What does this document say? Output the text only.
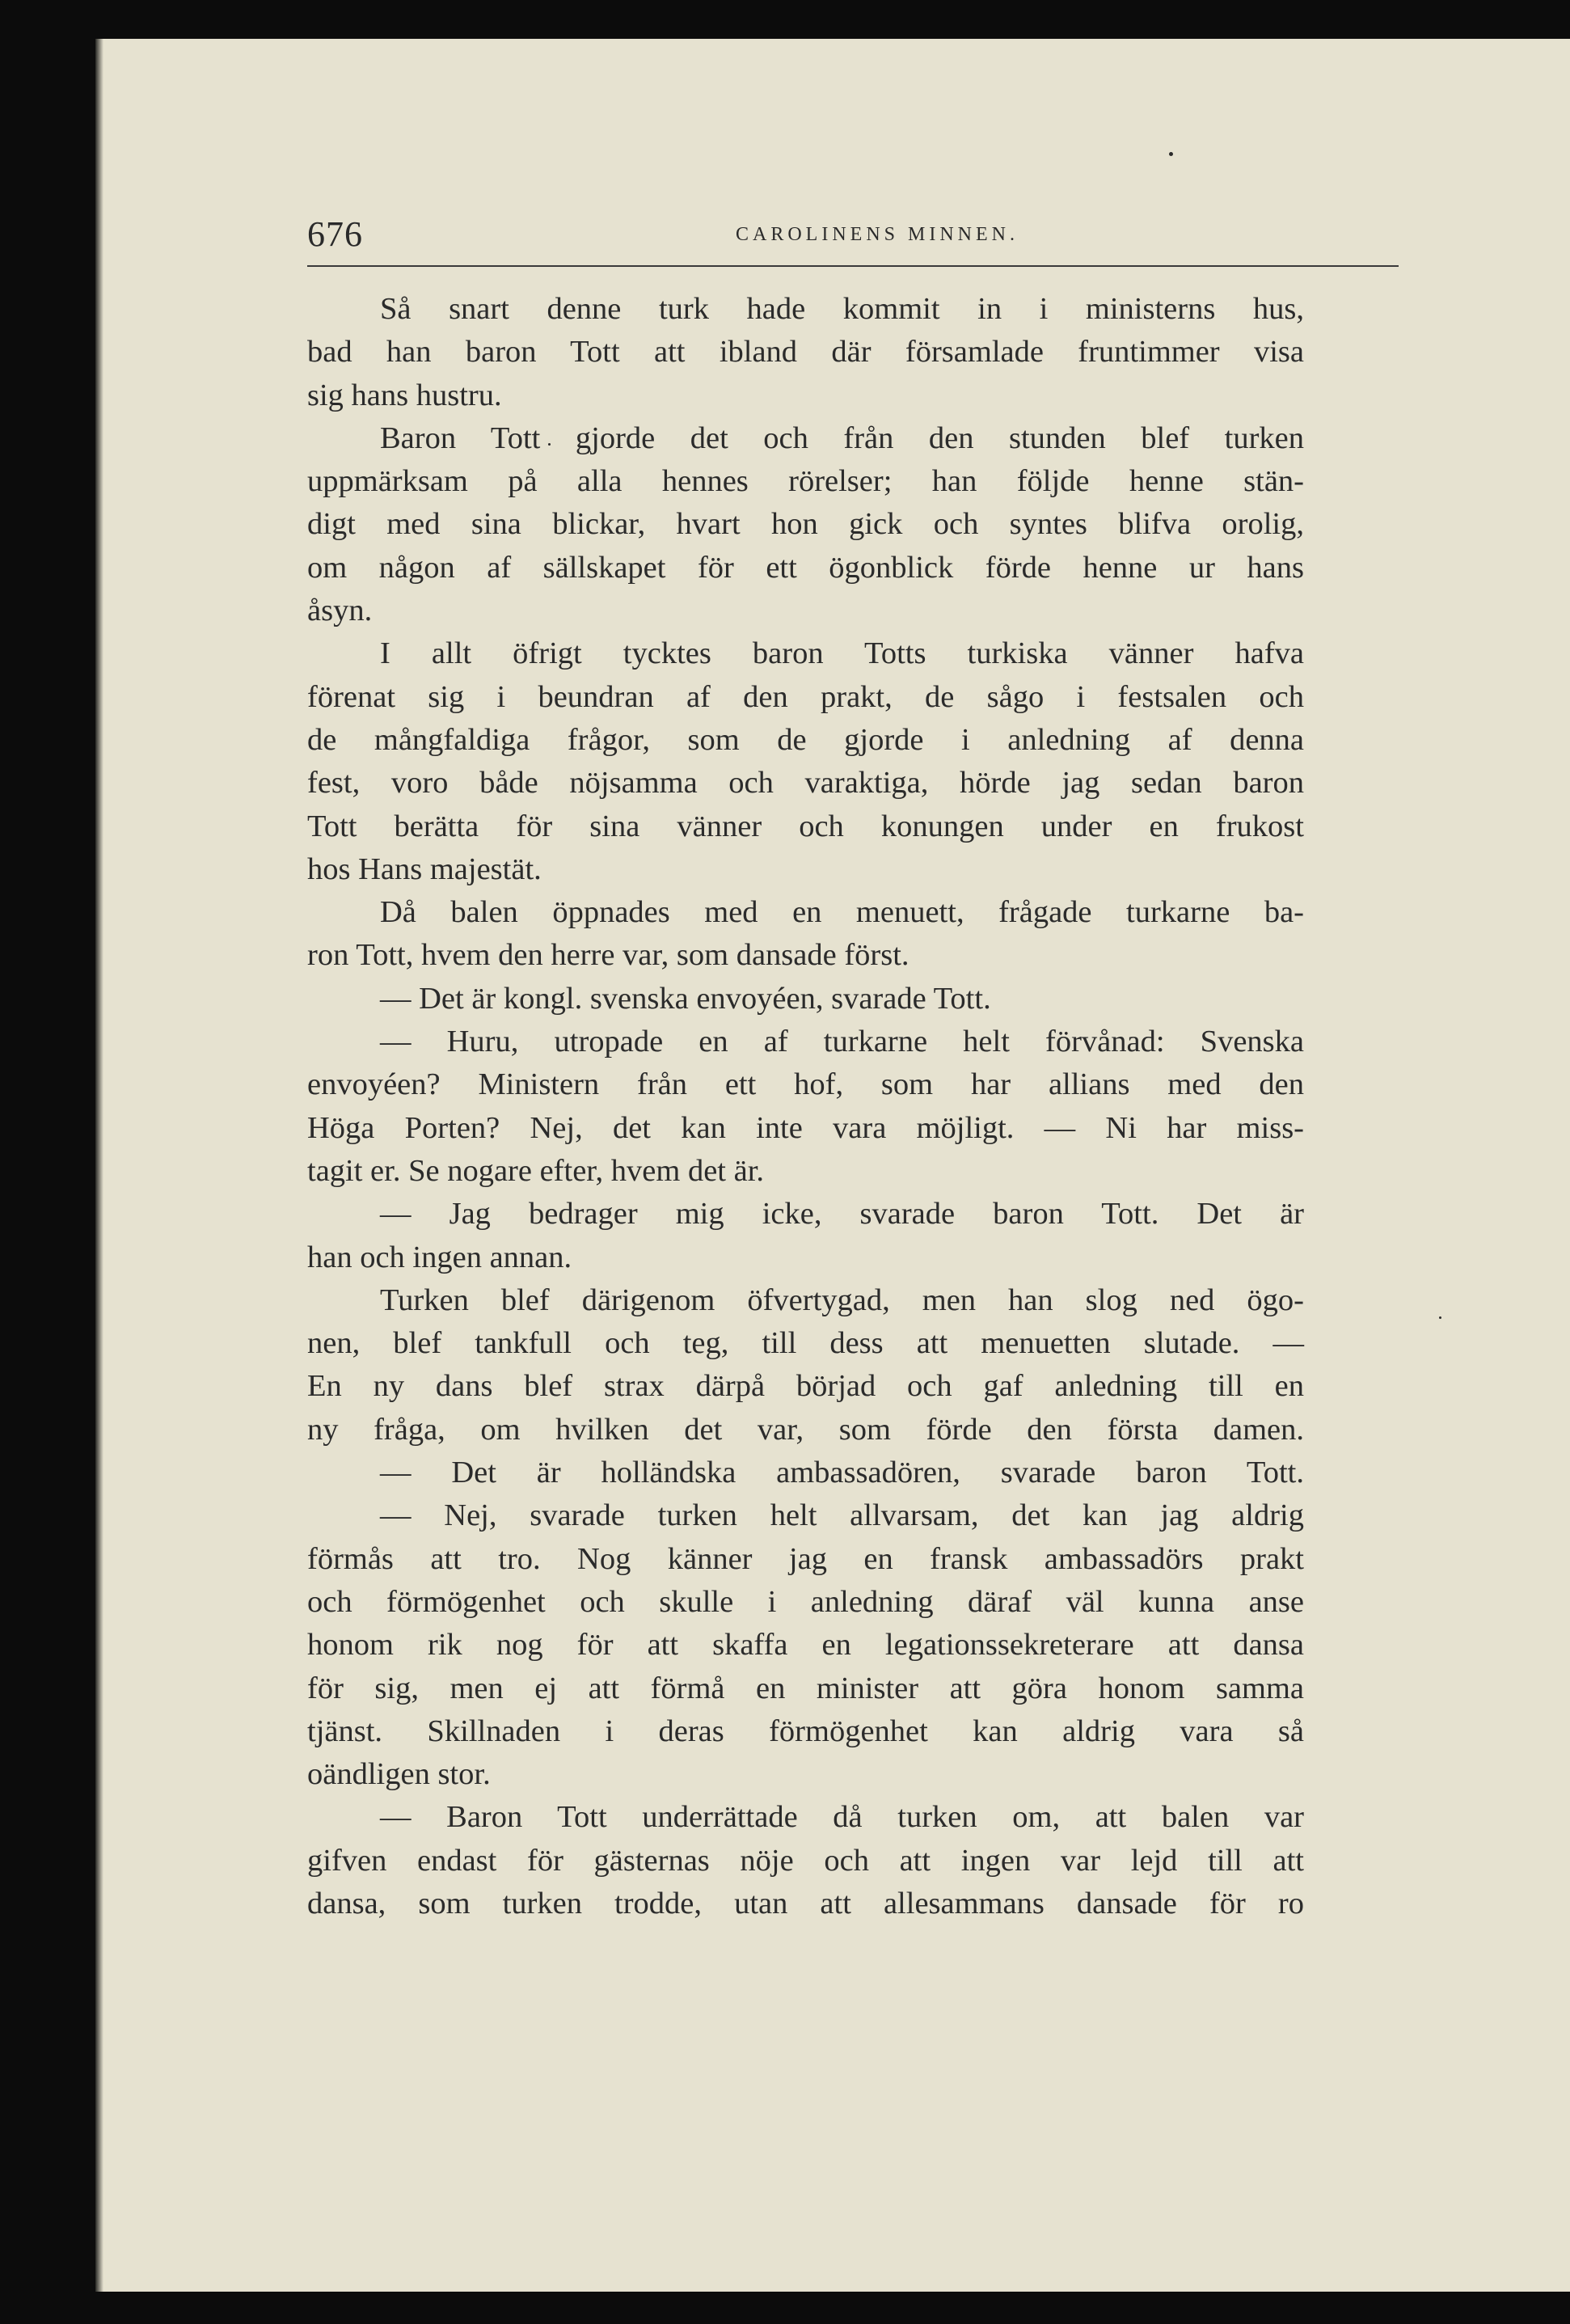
676	CAROLINENS MINNEN.
Så snart denne turk hade kommit in i ministerns hus,
bad han baron Tott att ibland där församlade fruntimmer visa
sig hans hustru.
Baron Tott gjorde det och från den stunden blef turken
uppmärksam på alla hennes rörelser; han följde henne stän-
digt med sina blickar, hvart hon gick och syntes blifva orolig,
om någon af sällskapet för ett ögonblick förde henne ur hans
åsyn.
I allt öfrigt tycktes baron Totts turkiska vänner hafva
förenat sig i beundran af den prakt, de sågo i festsalen och
de mångfaldiga frågor, som de gjorde i anledning af denna
fest, voro både nöjsamma och varaktiga, hörde jag sedan baron
Tott berätta för sina vänner och konungen under en frukost
hos Hans majestät.
Då balen öppnades med en menuett, frågade turkarne ba-
ron Tott, hvem den herre var, som dansade först.
— Det är kongl. svenska envoyéen, svarade Tott.
— Huru, utropade en af turkarne helt förvånad: Svenska
envoyéen? Ministern från ett hof, som har allians med den
Höga Porten? Nej, det kan inte vara möjligt. — Ni har miss-
tagit er. Se nogare efter, hvem det är.
— Jag bedrager mig icke, svarade baron Tott. Det är
han och ingen annan.
Turken blef därigenom öfvertygad, men han slog ned ögo-
nen, blef tankfull och teg, till dess att menuetten slutade. —
En ny dans blef strax därpå börjad och gaf anledning till en
ny fråga, om hvilken det var, som förde den första damen.
— Det är holländska ambassadören, svarade baron Tott.
— Nej, svarade turken helt allvarsam, det kan jag aldrig
förmås att tro. Nog känner jag en fransk ambassadörs prakt
och förmögenhet och skulle i anledning däraf väl kunna anse
honom rik nog för att skaffa en legationssekreterare att dansa
för sig, men ej att förmå en minister att göra honom samma
tjänst. Skillnaden i deras förmögenhet kan aldrig vara så
oändligen stor.
— Baron Tott underrättade då turken om, att balen var
gifven endast för gästernas nöje och att ingen var lejd till att
dansa, som turken trodde, utan att allesammans dansade för ro
